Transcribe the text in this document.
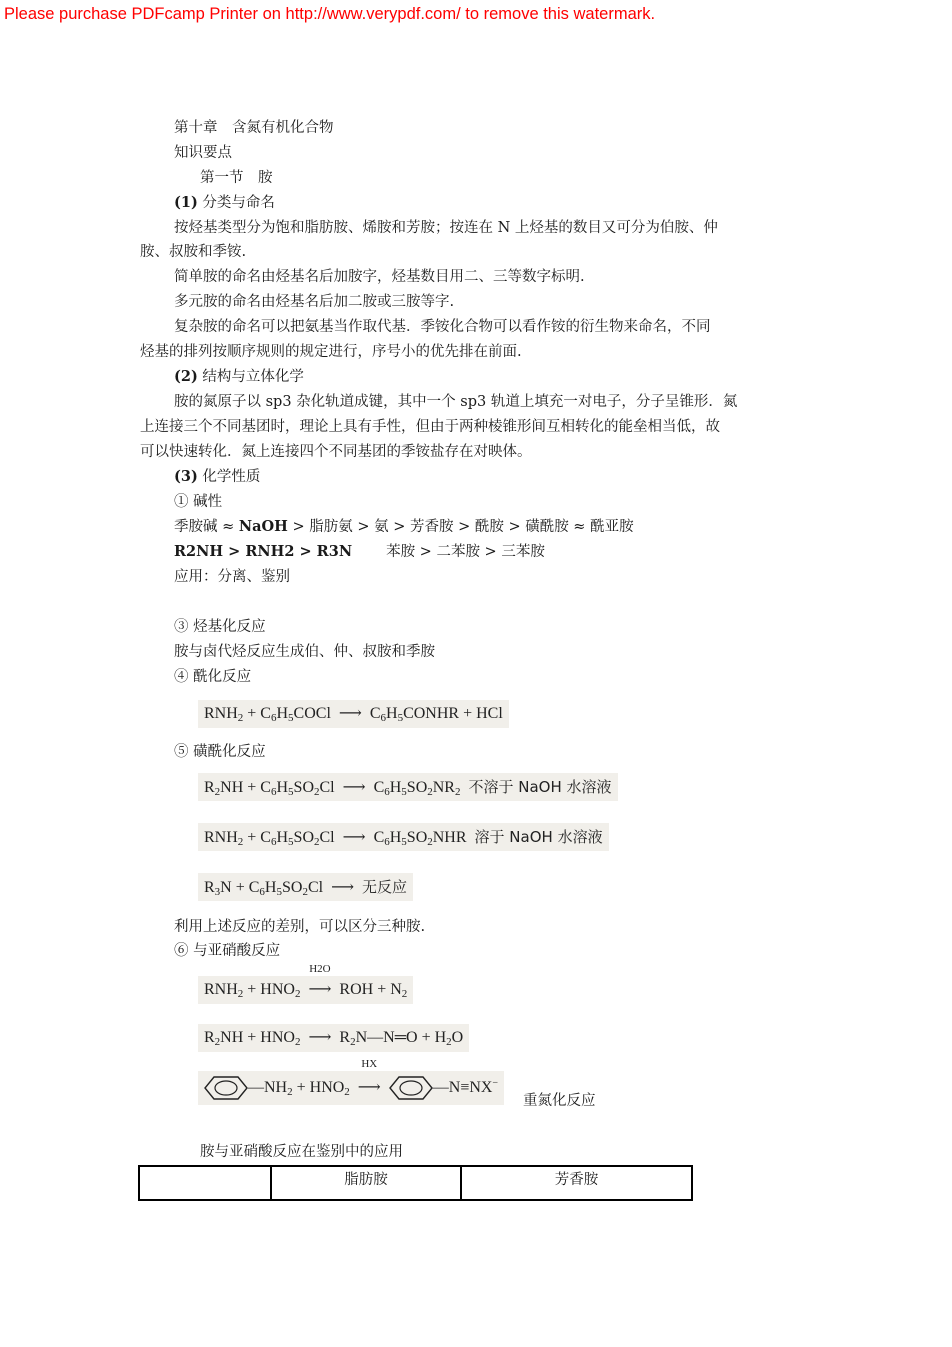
Please purchase PDFcamp Printer on http://www.verypdf.com/ to remove this watermark.
第十章　含氮有机化合物
知识要点
第一节　胺
(1) 分类与命名
按烃基类型分为饱和脂肪胺、烯胺和芳胺；按连在 N 上烃基的数目又可分为伯胺、仲
胺、叔胺和季铵.
简单胺的命名由烃基名后加胺字，烃基数目用二、三等数字标明.
多元胺的命名由烃基名后加二胺或三胺等字.
复杂胺的命名可以把氨基当作取代基．季铵化合物可以看作铵的衍生物来命名，不同
烃基的排列按顺序规则的规定进行，序号小的优先排在前面.
(2) 结构与立体化学
胺的氮原子以 sp3 杂化轨道成键，其中一个 sp3 轨道上填充一对电子，分子呈锥形．氮
上连接三个不同基团时，理论上具有手性，但由于两种棱锥形间互相转化的能垒相当低，故
可以快速转化．氮上连接四个不同基团的季铵盐存在对映体。
(3) 化学性质
① 碱性
季胺碱 ≈ NaOH > 脂肪氨 > 氨 > 芳香胺 > 酰胺 > 磺酰胺 ≈ 酰亚胺
R2NH > RNH2 > R3N 苯胺 > 二苯胺 > 三苯胺
应用：分离、鉴别
③ 烃基化反应
胺与卤代烃反应生成伯、仲、叔胺和季胺
④ 酰化反应
$RNH_2$ + $C_6H_5COCl$ ⟶ $C_6H_5CONHR$ + HCl
⑤ 磺酰化反应
$R_2NH + C_6H_5SO_2Cl$ ⟶ $C_6H_5SO_2NR_2$ 不溶于 NaOH 水溶液
$RNH_2 + C_6H_5SO_2Cl$ ⟶ $C_6H_5SO_2NHR$  溶于 NaOH 水溶液
$R_3N + C_6H_5SO_2Cl$ ⟶ 无反应
利用上述反应的差别，可以区分三种胺.
⑥ 与亚硝酸反应
$RNH_2 + HNO_2$
H2O
⟶ ROH + $N_2$
$R_2NH + HNO_2$ ⟶ $R_2N—N═O + H_2O$
$—NH_2 + HNO_2$
HX
⟶	—N≡NX−
重氮化反应
胺与亚硝酸反应在鉴别中的应用
	脂肪胺	芳香胺
